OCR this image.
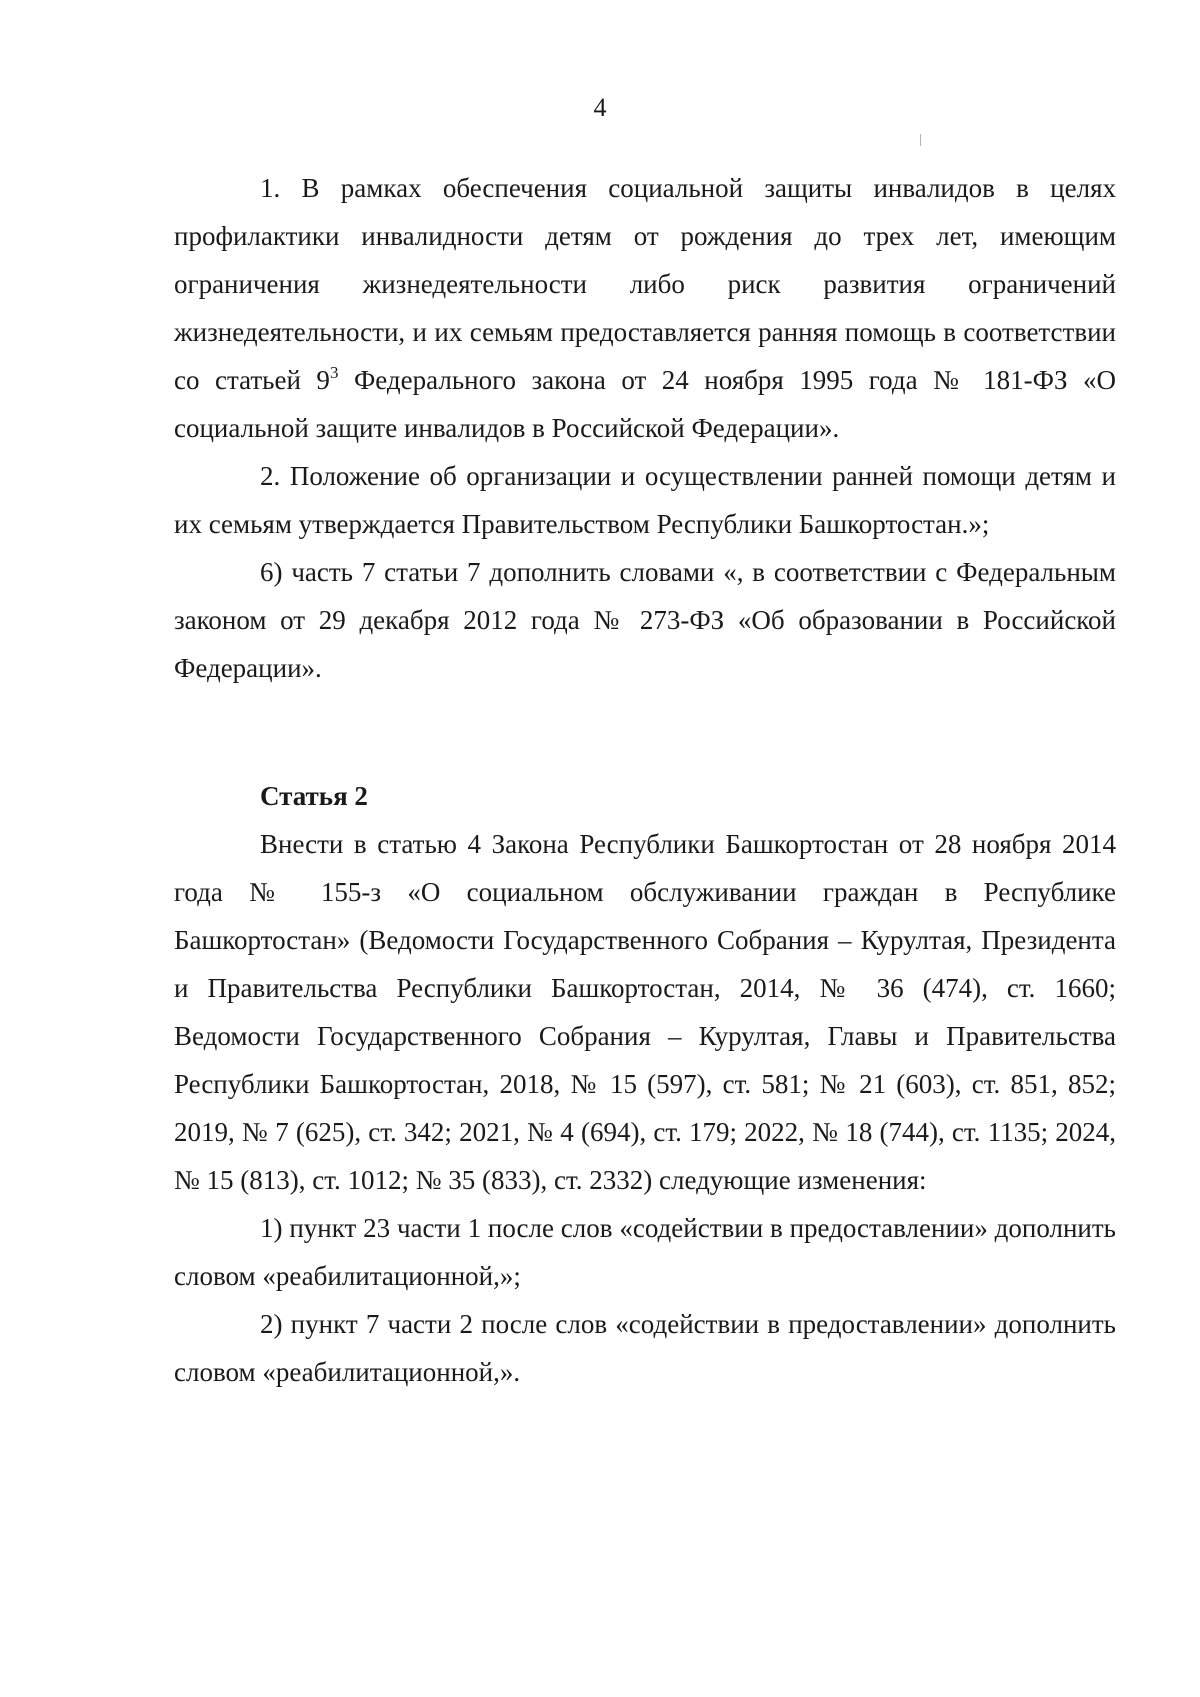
4

1. В рамках обеспечения социальной защиты инвалидов в целях профилактики инвалидности детям от рождения до трех лет, имеющим ограничения жизнедеятельности либо риск развития ограничений жизнедеятельности, и их семьям предоставляется ранняя помощь в соответствии со статьей $9^3$ Федерального закона от 24 ноября 1995 года № 181-ФЗ «О социальной защите инвалидов в Российской Федерации».

2. Положение об организации и осуществлении ранней помощи детям и их семьям утверждается Правительством Республики Башкортостан.»;

6) часть 7 статьи 7 дополнить словами «, в соответствии с Федеральным законом от 29 декабря 2012 года № 273-ФЗ «Об образовании в Российской Федерации».

Статья 2

Внести в статью 4 Закона Республики Башкортостан от 28 ноября 2014 года № 155-з «О социальном обслуживании граждан в Республике Башкортостан» (Ведомости Государственного Собрания – Курултая, Президента и Правительства Республики Башкортостан, 2014, № 36 (474), ст. 1660; Ведомости Государственного Собрания – Курултая, Главы и Правительства Республики Башкортостан, 2018, № 15 (597), ст. 581; № 21 (603), ст. 851, 852; 2019, № 7 (625), ст. 342; 2021, № 4 (694), ст. 179; 2022, № 18 (744), ст. 1135; 2024, № 15 (813), ст. 1012; № 35 (833), ст. 2332) следующие изменения:

1) пункт 23 части 1 после слов «содействии в предоставлении» дополнить словом «реабилитационной,»;

2) пункт 7 части 2 после слов «содействии в предоставлении» дополнить словом «реабилитационной,».
